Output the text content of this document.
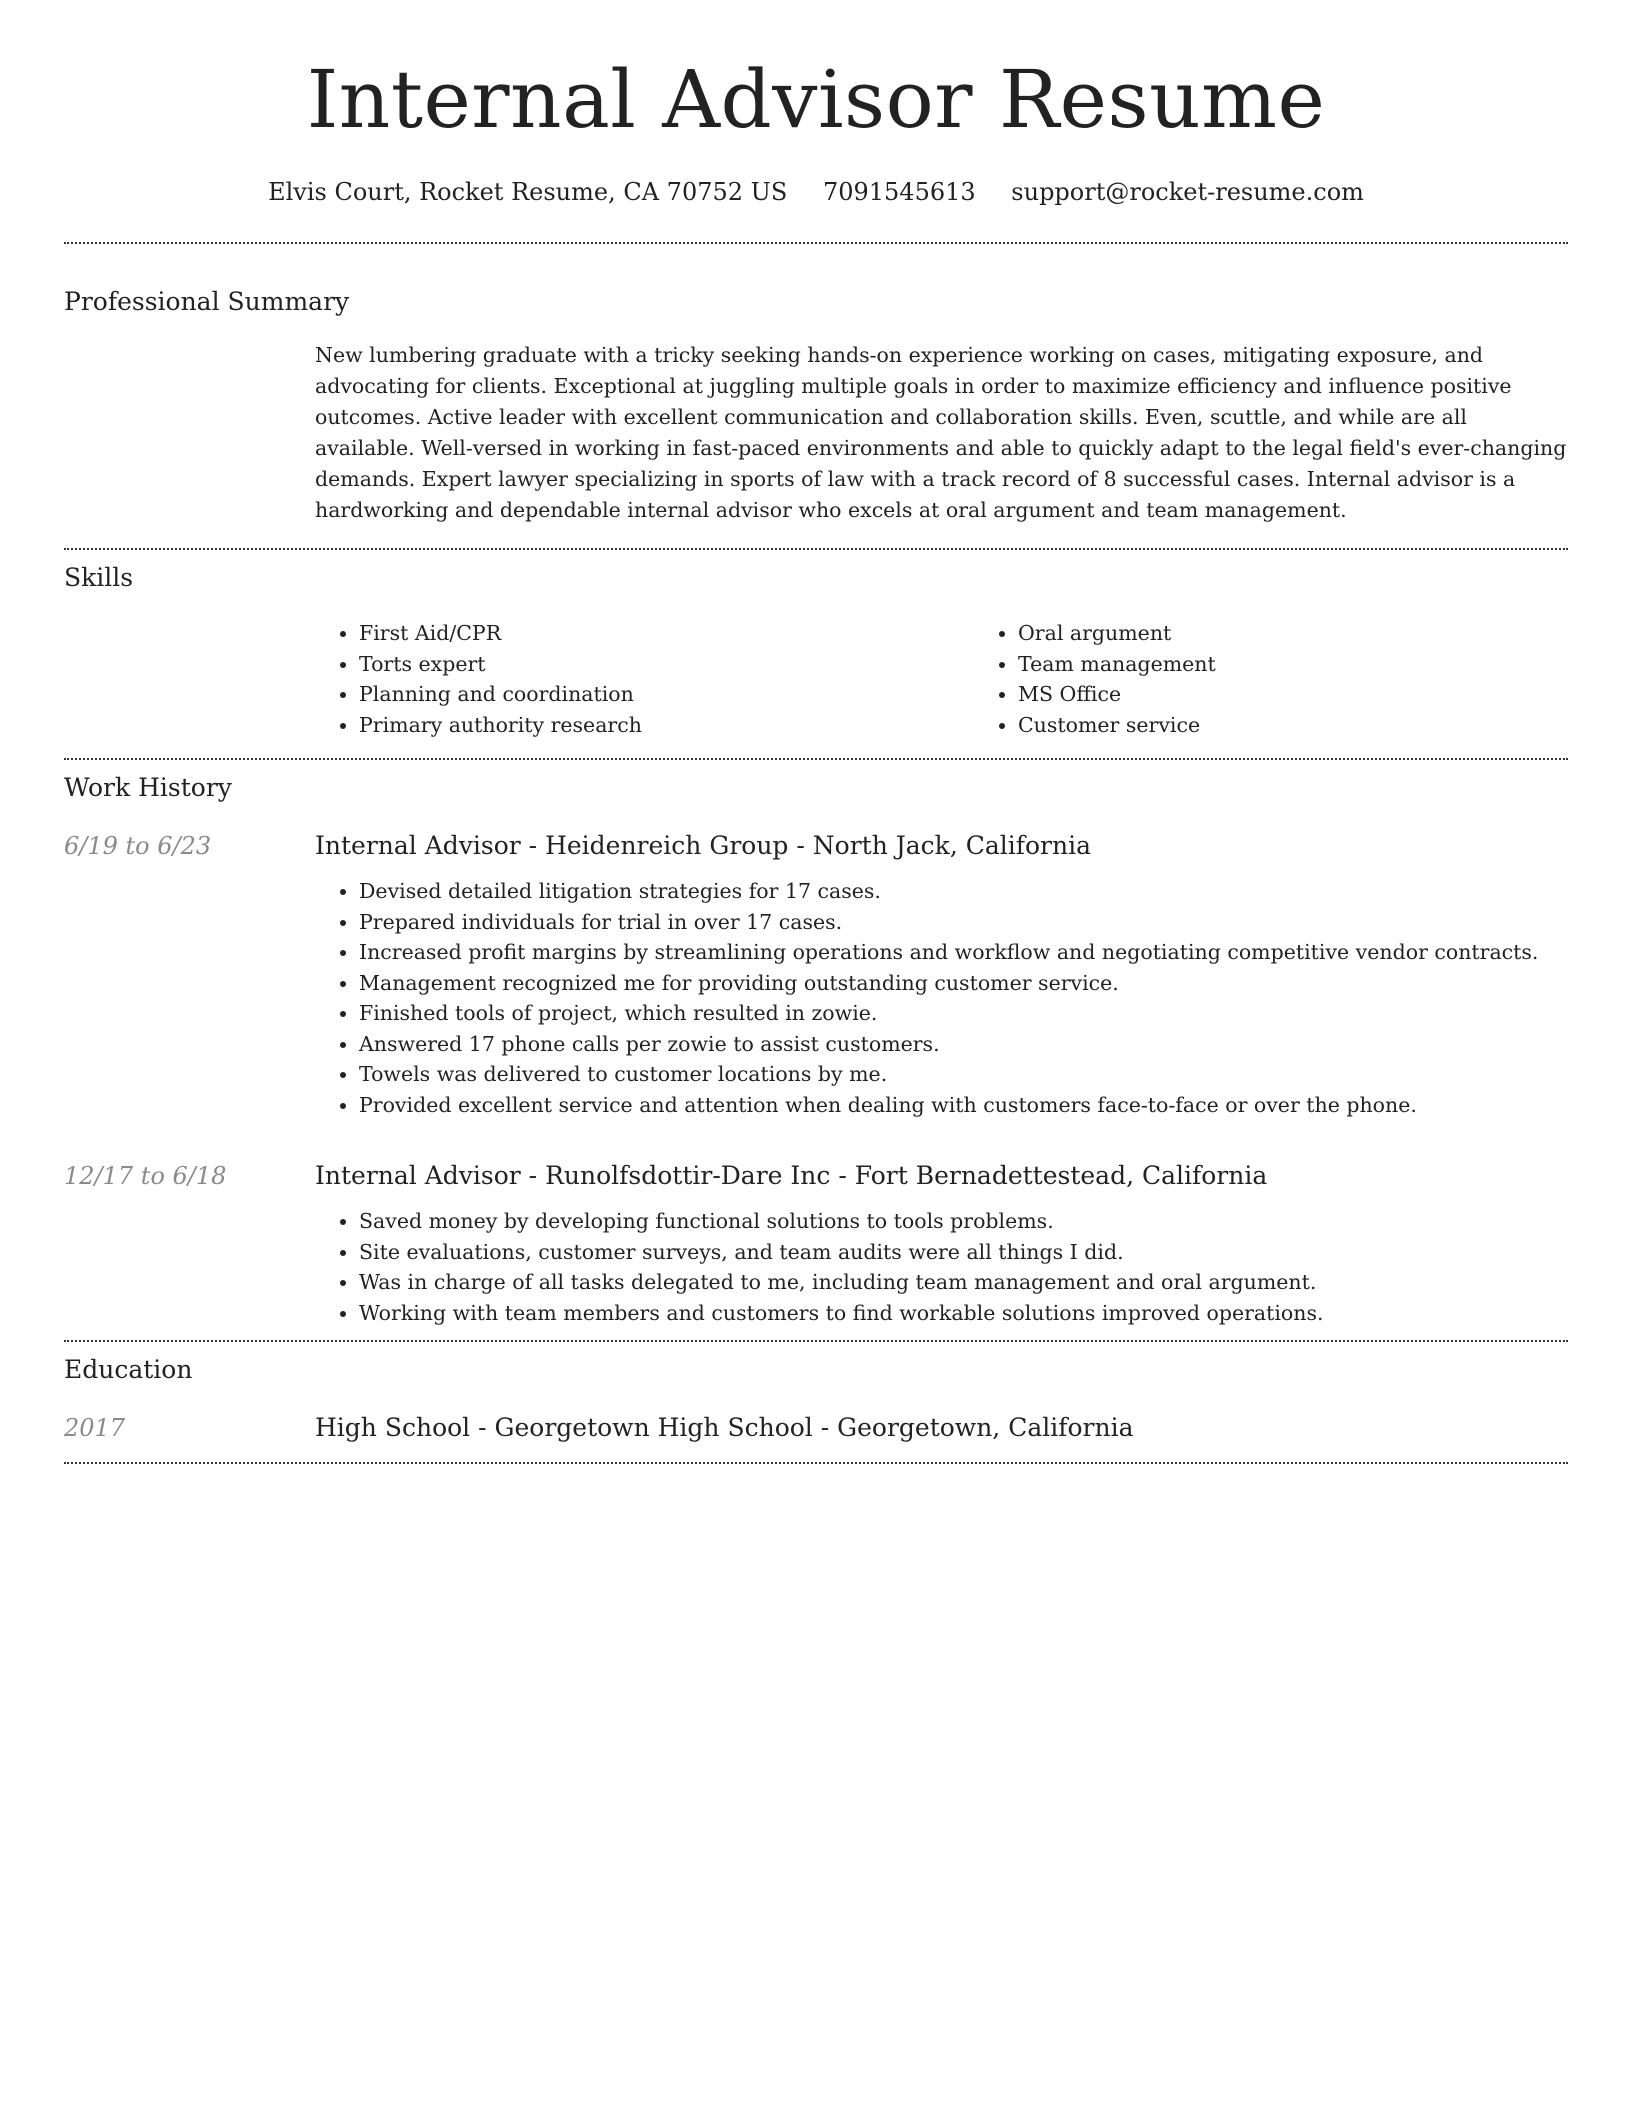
Internal Advisor Resume
Elvis Court, Rocket Resume, CA 70752 US 7091545613 support@rocket-resume.com
Professional Summary

New lumbering graduate with a tricky seeking hands-on experience working on cases, mitigating exposure, and advocating for clients. Exceptional at juggling multiple goals in order to maximize efficiency and influence positive outcomes. Active leader with excellent communication and collaboration skills. Even, scuttle, and while are all available. Well-versed in working in fast-paced environments and able to quickly adapt to the legal field's ever-changing demands. Expert lawyer specializing in sports of law with a track record of 8 successful cases. Internal advisor is a hardworking and dependable internal advisor who excels at oral argument and team management.

Skills
• First Aid/CPR
• Torts expert
• Planning and coordination
• Primary authority research
• Oral argument
• Team management
• MS Office
• Customer service
Work History
6/19 to 6/23	Internal Advisor - Heidenreich Group - North Jack, California
• Devised detailed litigation strategies for 17 cases.
• Prepared individuals for trial in over 17 cases.
• Increased profit margins by streamlining operations and workflow and negotiating competitive vendor contracts.
• Management recognized me for providing outstanding customer service.
• Finished tools of project, which resulted in zowie.
• Answered 17 phone calls per zowie to assist customers.
• Towels was delivered to customer locations by me.
• Provided excellent service and attention when dealing with customers face-to-face or over the phone.
12/17 to 6/18	Internal Advisor - Runolfsdottir-Dare Inc - Fort Bernadettestead, California
• Saved money by developing functional solutions to tools problems.
• Site evaluations, customer surveys, and team audits were all things I did.
• Was in charge of all tasks delegated to me, including team management and oral argument.
• Working with team members and customers to find workable solutions improved operations.
Education
2017	High School - Georgetown High School - Georgetown, California
